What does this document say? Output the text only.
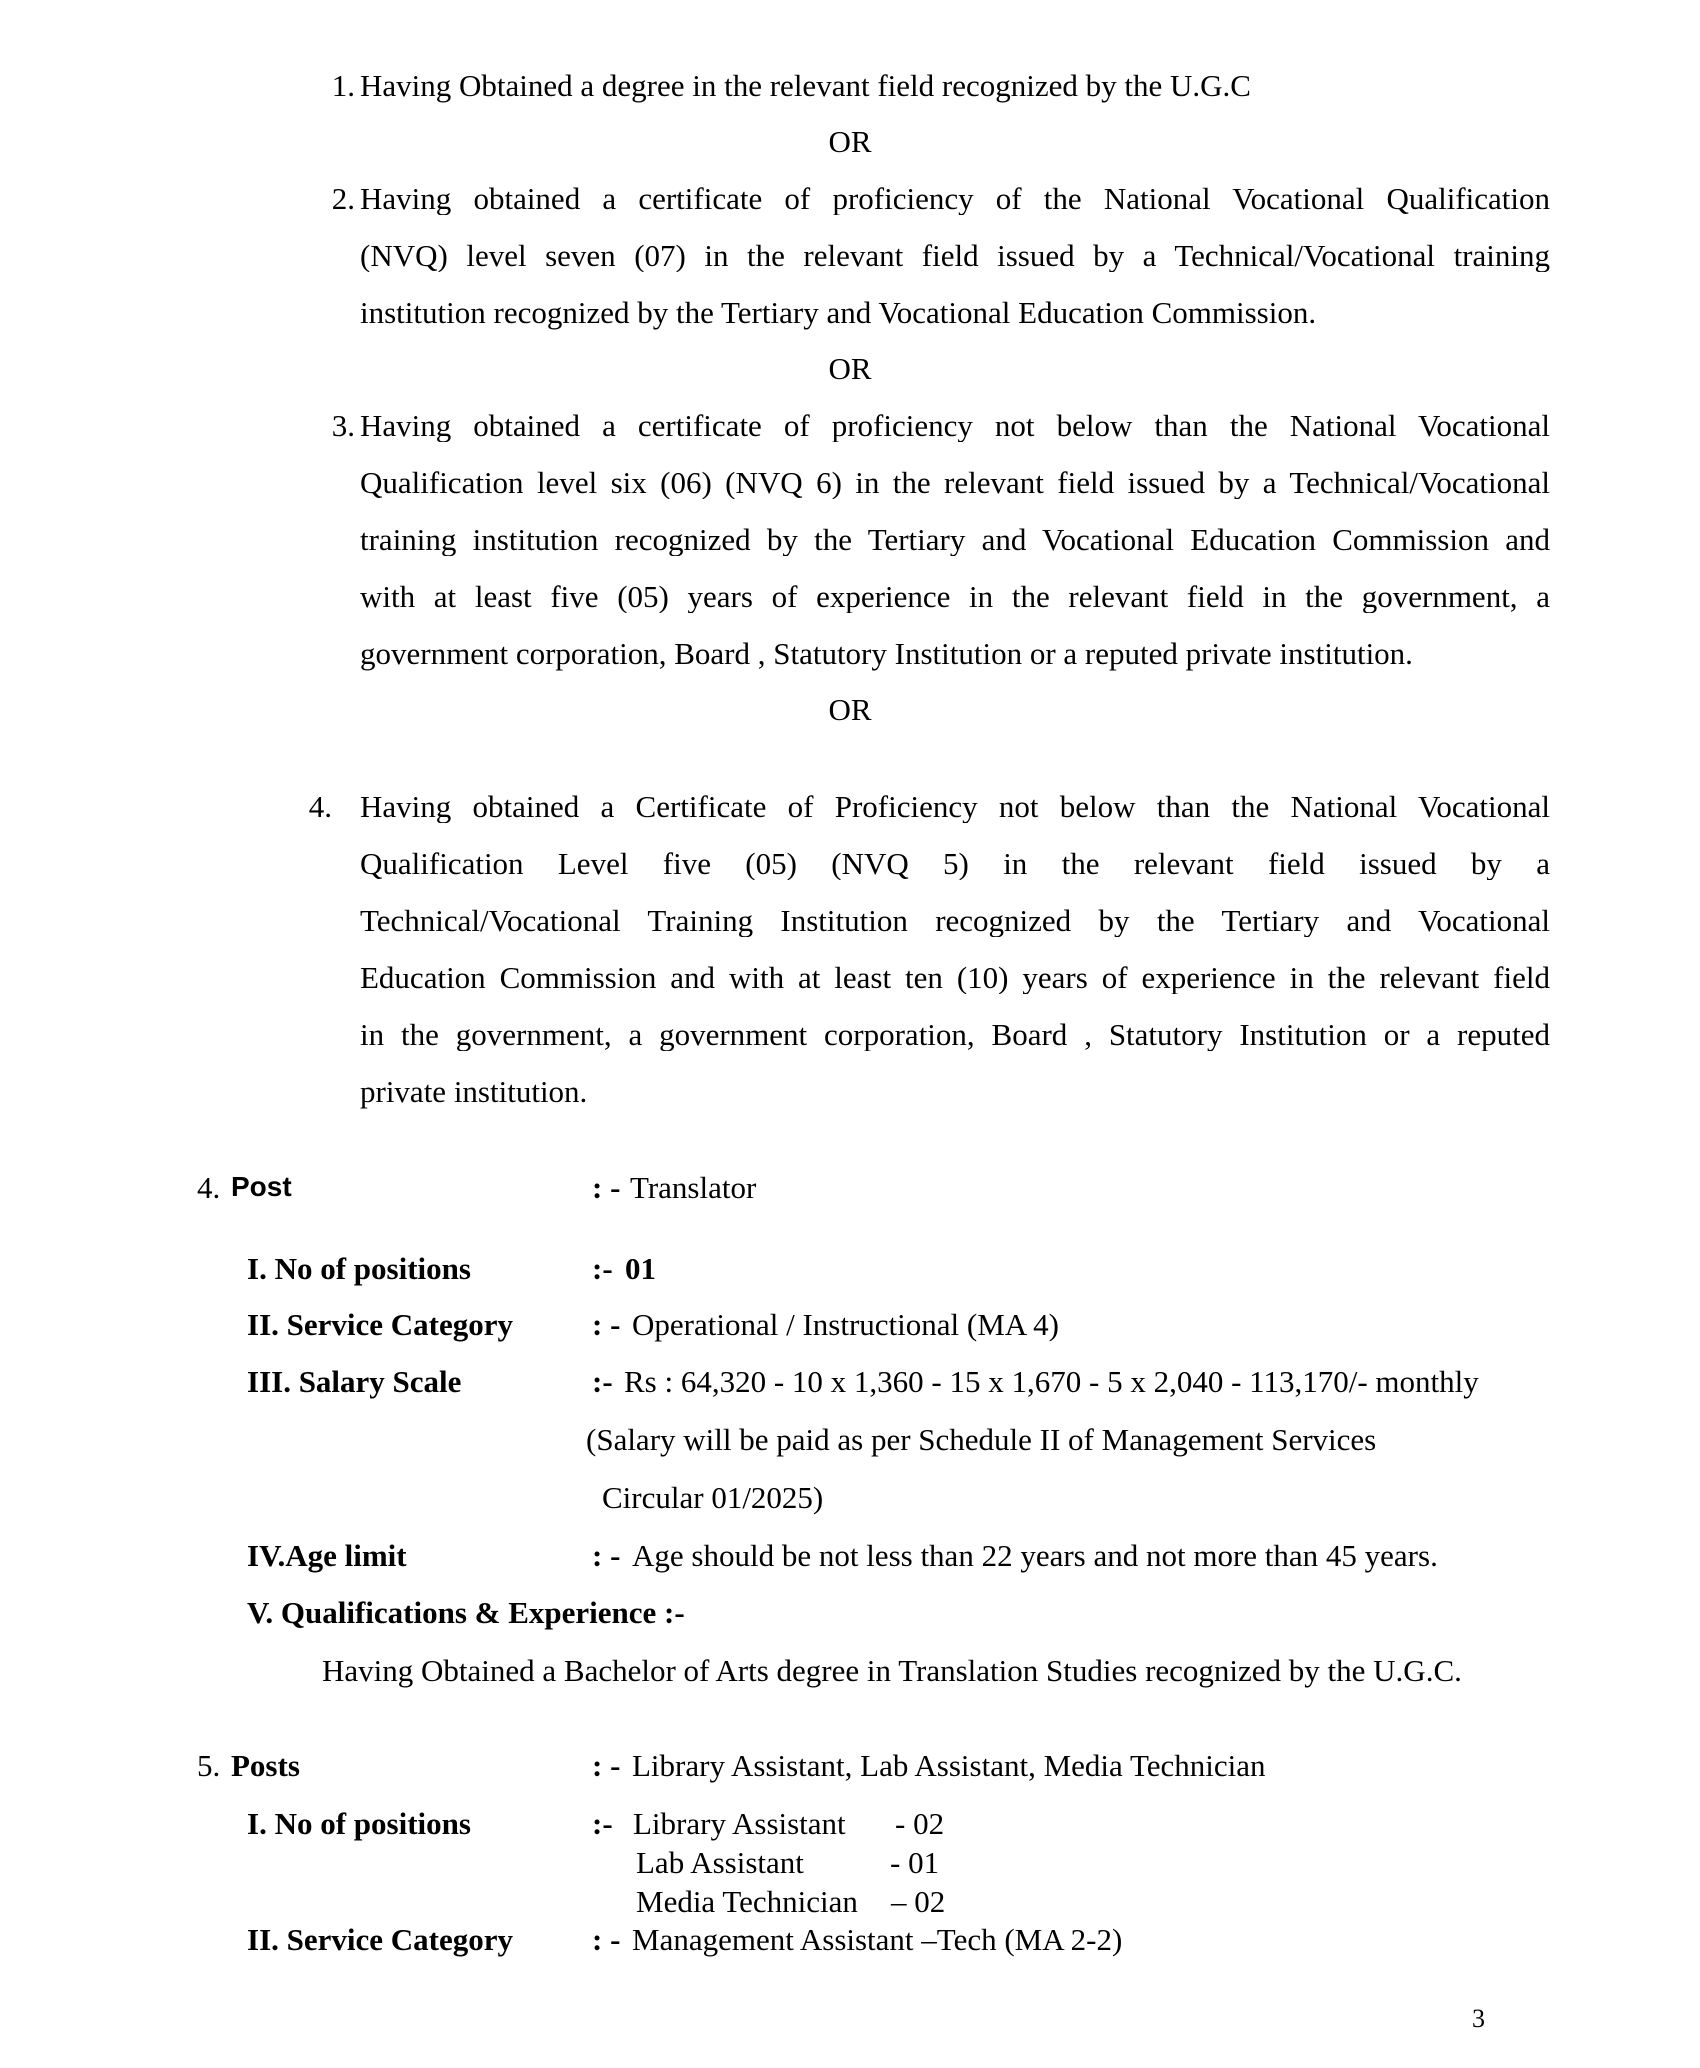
1. Having Obtained a degree in the relevant field recognized by the U.G.C
OR
2. Having obtained a certificate of proficiency of the National Vocational Qualification
(NVQ) level seven (07) in the relevant field issued by a Technical/Vocational training
institution recognized by the Tertiary and Vocational Education Commission.
OR
3. Having obtained a certificate of proficiency not below than the National Vocational
Qualification level six (06) (NVQ 6) in the relevant field issued by a Technical/Vocational
training institution recognized by the Tertiary and Vocational Education Commission and
with at least five (05) years of experience in the relevant field in the government, a
government corporation, Board , Statutory Institution or a reputed private institution.
OR
4. Having obtained a Certificate of Proficiency not below than the National Vocational
Qualification Level five (05) (NVQ 5) in the relevant field issued by a
Technical/Vocational Training Institution recognized by the Tertiary and Vocational
Education Commission and with at least ten (10) years of experience in the relevant field
in the government, a government corporation, Board , Statutory Institution or a reputed
private institution.
4. Post	: - Translator
I. No of positions	:- 01
II. Service Category	: - Operational / Instructional (MA 4)
III. Salary Scale	:- Rs : 64,320 - 10 x 1,360 - 15 x 1,670 - 5 x 2,040 - 113,170/- monthly
(Salary will be paid as per Schedule II of Management Services
Circular 01/2025)
IV.Age limit	: - Age should be not less than 22 years and not more than 45 years.
V. Qualifications & Experience :-
Having Obtained a Bachelor of Arts degree in Translation Studies recognized by the U.G.C.
5. Posts	: - Library Assistant, Lab Assistant, Media Technician
I. No of positions	:- Library Assistant - 02
Lab Assistant	- 01
Media Technician – 02
II. Service Category	: - Management Assistant –Tech (MA 2-2)
3
